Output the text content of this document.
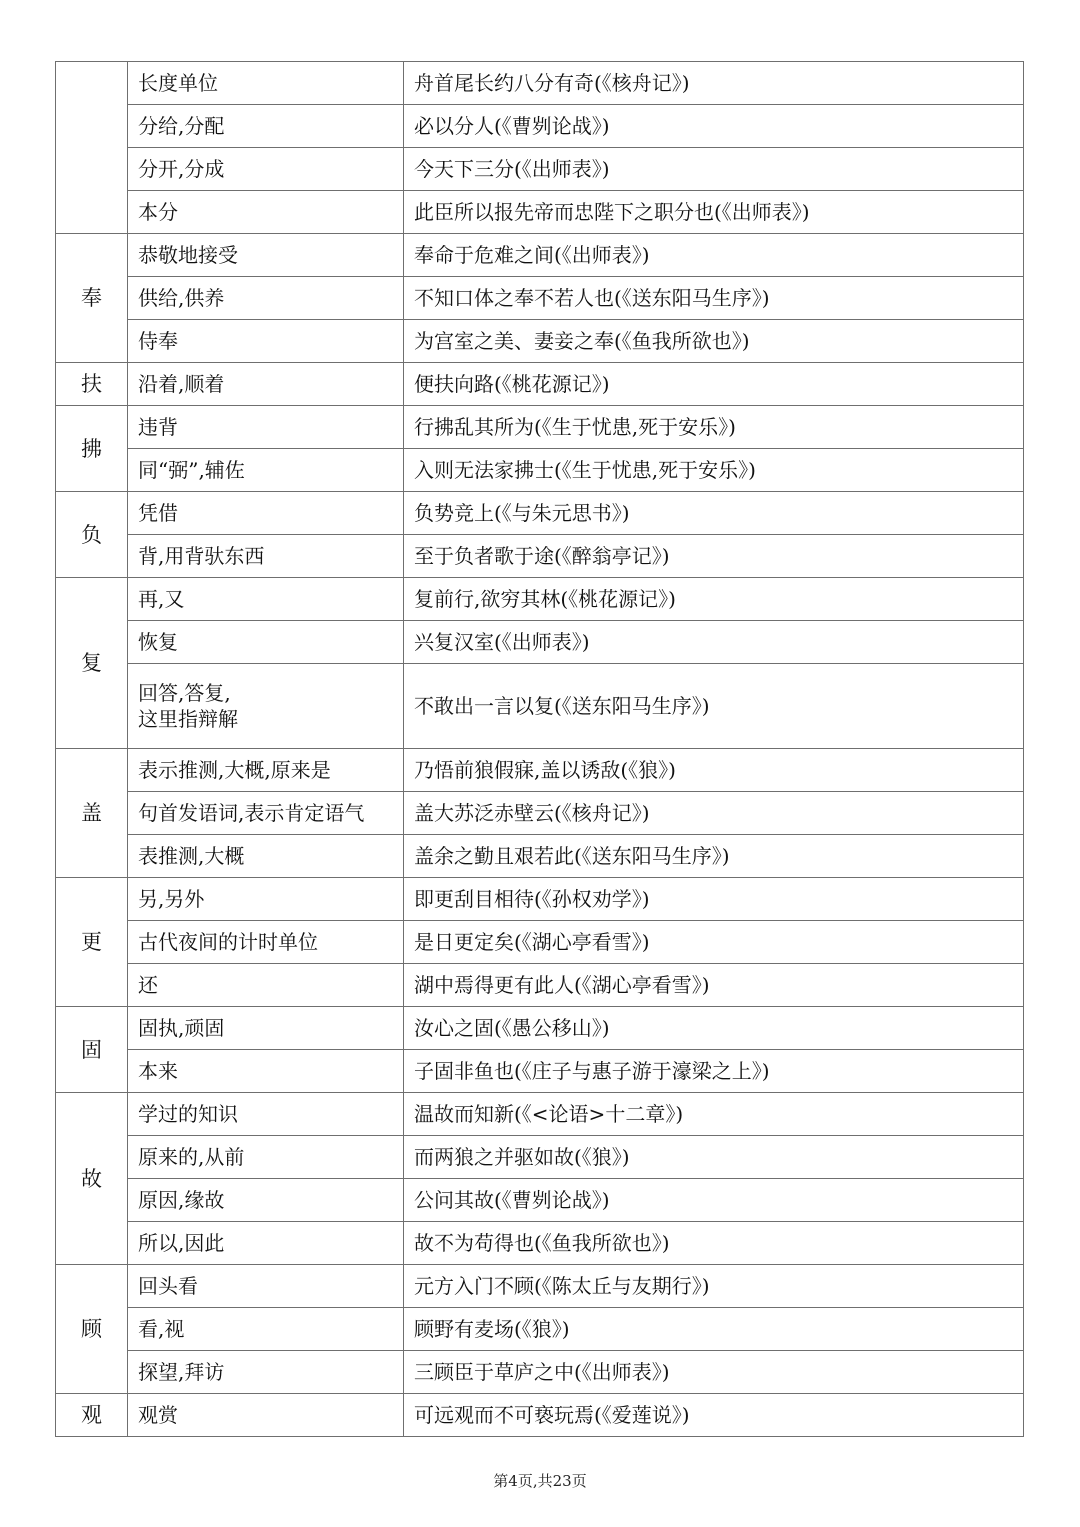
	长度单位	舟首尾长约八分有奇(《核舟记》)
	分给,分配	必以分人(《曹刿论战》)
	分开,分成	今天下三分(《出师表》)
	本分	此臣所以报先帝而忠陛下之职分也(《出师表》)
奉	恭敬地接受	奉命于危难之间(《出师表》)
	供给,供养	不知口体之奉不若人也(《送东阳马生序》)
	侍奉	为宫室之美、妻妾之奉(《鱼我所欲也》)
扶	沿着,顺着	便扶向路(《桃花源记》)
拂	违背	行拂乱其所为(《生于忧患,死于安乐》)
	同“弼”,辅佐	入则无法家拂士(《生于忧患,死于安乐》)
负	凭借	负势竞上(《与朱元思书》)
	背,用背驮东西	至于负者歌于途(《醉翁亭记》)
复	再,又	复前行,欲穷其林(《桃花源记》)
	恢复	兴复汉室(《出师表》)

	回答,答复,
这里指辩解	不敢出一言以复(《送东阳马生序》)
盖	表示推测,大概,原来是	乃悟前狼假寐,盖以诱敌(《狼》)
	句首发语词,表示肯定语气	盖大苏泛赤壁云(《核舟记》)
	表推测,大概	盖余之勤且艰若此(《送东阳马生序》)
更	另,另外	即更刮目相待(《孙权劝学》)
	古代夜间的计时单位	是日更定矣(《湖心亭看雪》)
	还	湖中焉得更有此人(《湖心亭看雪》)
固	固执,顽固	汝心之固(《愚公移山》)
	本来	子固非鱼也(《庄子与惠子游于濠梁之上》)
故	学过的知识	温故而知新(《<论语>十二章》)
	原来的,从前	而两狼之并驱如故(《狼》)
	原因,缘故	公问其故(《曹刿论战》)
	所以,因此	故不为苟得也(《鱼我所欲也》)
顾	回头看	元方入门不顾(《陈太丘与友期行》)
	看,视	顾野有麦场(《狼》)
	探望,拜访	三顾臣于草庐之中(《出师表》)
观	观赏	可远观而不可亵玩焉(《爱莲说》)
第4页,共23页
